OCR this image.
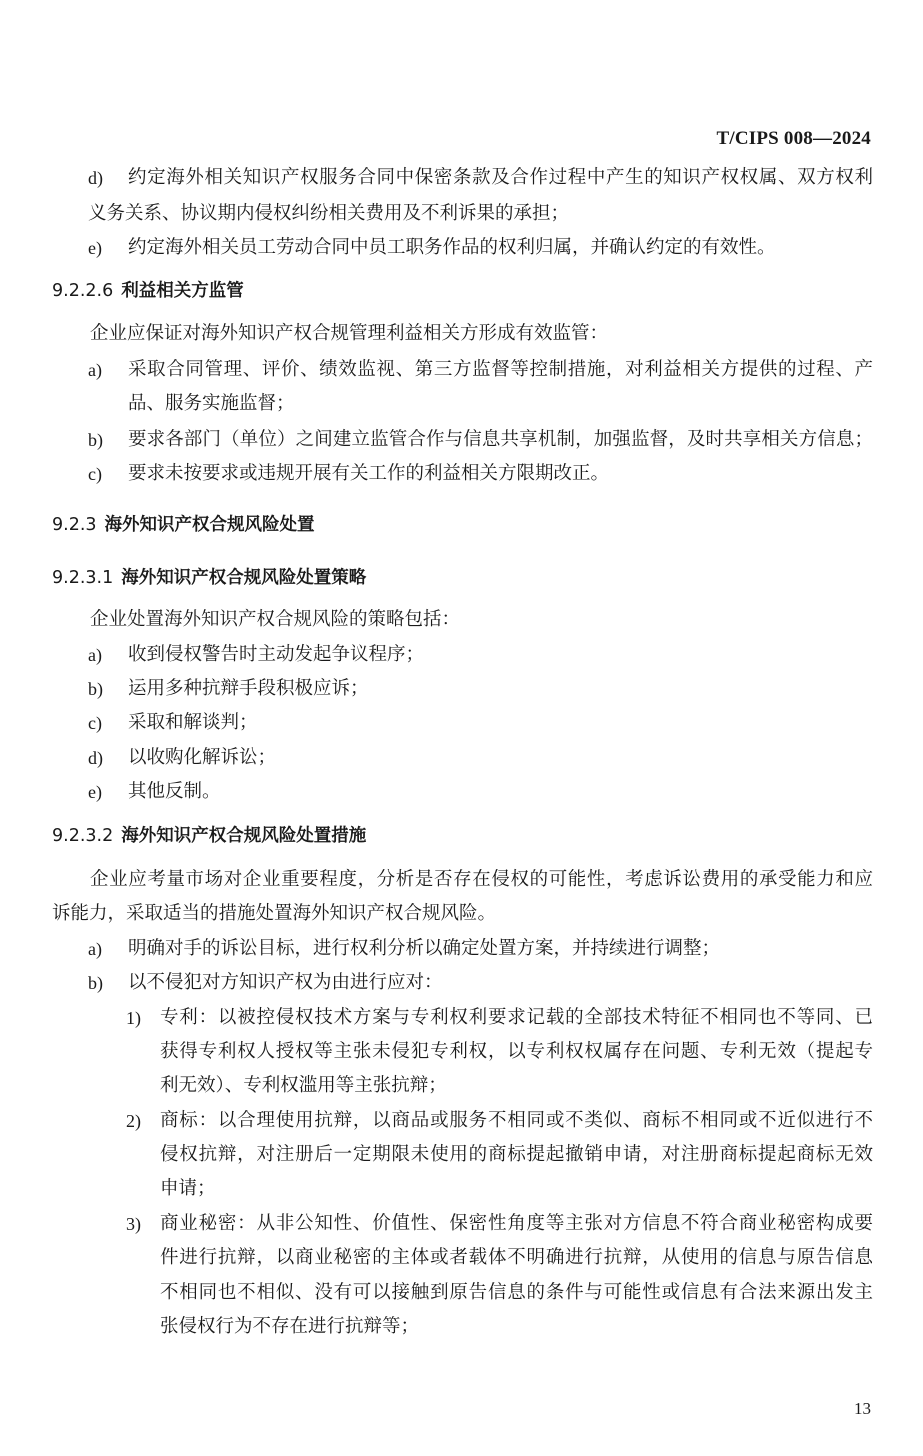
T/CIPS 008—2024
d) 约定海外相关知识产权服务合同中保密条款及合作过程中产生的知识产权权属、双方权利
义务关系、协议期内侵权纠纷相关费用及不利诉果的承担；
e) 约定海外相关员工劳动合同中员工职务作品的权利归属，并确认约定的有效性。
9.2.2.6 利益相关方监管
企业应保证对海外知识产权合规管理利益相关方形成有效监管：
a) 采取合同管理、评价、绩效监视、第三方监督等控制措施，对利益相关方提供的过程、产
品、服务实施监督；
b) 要求各部门（单位）之间建立监管合作与信息共享机制，加强监督，及时共享相关方信息；
c) 要求未按要求或违规开展有关工作的利益相关方限期改正。
9.2.3 海外知识产权合规风险处置
9.2.3.1 海外知识产权合规风险处置策略
企业处置海外知识产权合规风险的策略包括：
a) 收到侵权警告时主动发起争议程序；
b) 运用多种抗辩手段积极应诉；
c) 采取和解谈判；
d) 以收购化解诉讼；
e) 其他反制。
9.2.3.2 海外知识产权合规风险处置措施
企业应考量市场对企业重要程度，分析是否存在侵权的可能性，考虑诉讼费用的承受能力和应
诉能力，采取适当的措施处置海外知识产权合规风险。
a) 明确对手的诉讼目标，进行权利分析以确定处置方案，并持续进行调整；
b) 以不侵犯对方知识产权为由进行应对：
1) 专利：以被控侵权技术方案与专利权利要求记载的全部技术特征不相同也不等同、已
获得专利权人授权等主张未侵犯专利权，以专利权权属存在问题、专利无效（提起专
利无效）、专利权滥用等主张抗辩；
2) 商标：以合理使用抗辩，以商品或服务不相同或不类似、商标不相同或不近似进行不
侵权抗辩，对注册后一定期限未使用的商标提起撤销申请，对注册商标提起商标无效
申请；
3) 商业秘密：从非公知性、价值性、保密性角度等主张对方信息不符合商业秘密构成要
件进行抗辩，以商业秘密的主体或者载体不明确进行抗辩，从使用的信息与原告信息
不相同也不相似、没有可以接触到原告信息的条件与可能性或信息有合法来源出发主
张侵权行为不存在进行抗辩等；
13
